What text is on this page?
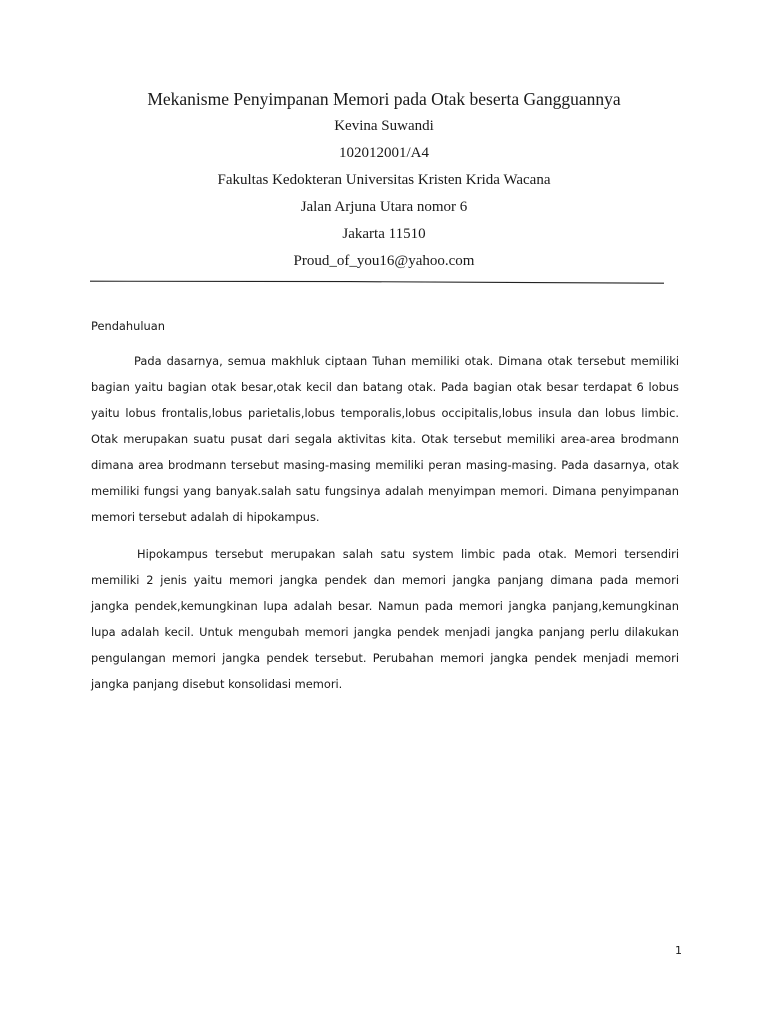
Mekanisme Penyimpanan Memori pada Otak beserta Gangguannya
Kevina Suwandi
102012001/A4
Fakultas Kedokteran Universitas Kristen Krida Wacana
Jalan Arjuna Utara nomor 6
Jakarta 11510
Proud_of_you16@yahoo.com
Pendahuluan

Pada dasarnya, semua makhluk ciptaan Tuhan memiliki otak. Dimana otak tersebut memiliki bagian yaitu bagian otak besar,otak kecil dan batang otak. Pada bagian otak besar terdapat 6 lobus yaitu lobus frontalis,lobus parietalis,lobus temporalis,lobus occipitalis,lobus insula dan lobus limbic. Otak merupakan suatu pusat dari segala aktivitas kita. Otak tersebut memiliki area-area brodmann dimana area brodmann tersebut masing-masing memiliki peran masing-masing. Pada dasarnya, otak memiliki fungsi yang banyak.salah satu fungsinya adalah menyimpan memori. Dimana penyimpanan memori tersebut adalah di hipokampus.

Hipokampus tersebut merupakan salah satu system limbic pada otak. Memori tersendiri memiliki 2 jenis yaitu memori jangka pendek dan memori jangka panjang dimana pada memori jangka pendek,kemungkinan lupa adalah besar. Namun pada memori jangka panjang,kemungkinan lupa adalah kecil. Untuk mengubah memori jangka pendek menjadi jangka panjang perlu dilakukan pengulangan memori jangka pendek tersebut. Perubahan memori jangka pendek menjadi memori jangka panjang disebut konsolidasi memori.

1
